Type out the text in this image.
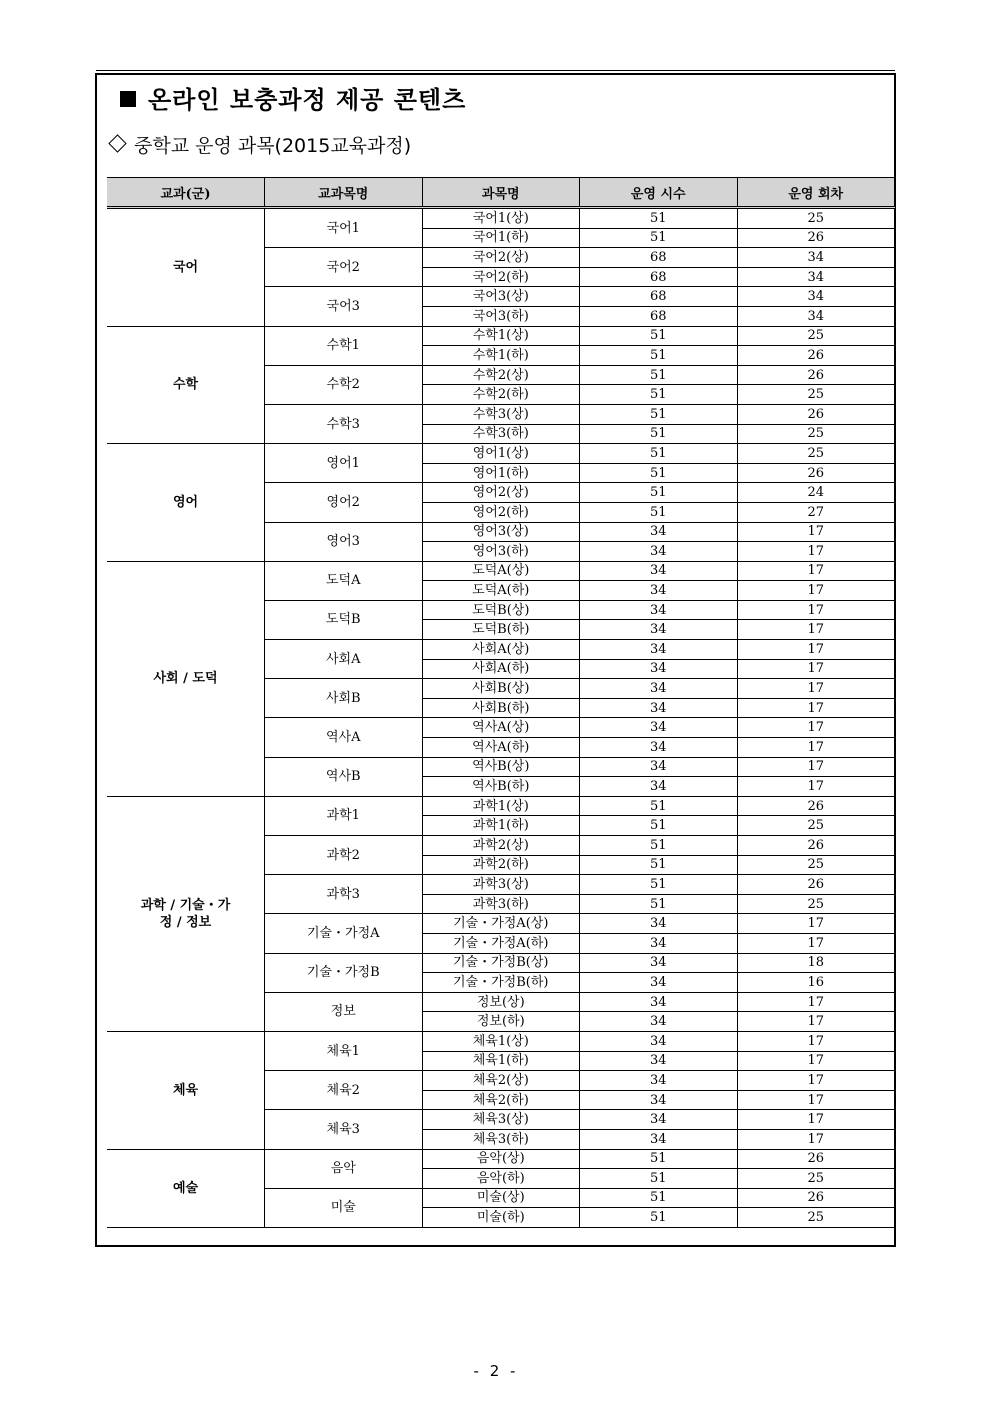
온라인 보충과정 제공 콘텐츠
중학교 운영 과목(2015교육과정)
교과(군)	교과목명	과목명	운영 시수	운영 회차
국어	국어1	국어1(상)	51	25
		국어1(하)	51	26
	국어2	국어2(상)	68	34
		국어2(하)	68	34
	국어3	국어3(상)	68	34
		국어3(하)	68	34
수학	수학1	수학1(상)	51	25
		수학1(하)	51	26
	수학2	수학2(상)	51	26
		수학2(하)	51	25
	수학3	수학3(상)	51	26
		수학3(하)	51	25
영어	영어1	영어1(상)	51	25
		영어1(하)	51	26
	영어2	영어2(상)	51	24
		영어2(하)	51	27
	영어3	영어3(상)	34	17
		영어3(하)	34	17
사회 / 도덕	도덕A	도덕A(상)	34	17
		도덕A(하)	34	17
	도덕B	도덕B(상)	34	17
		도덕B(하)	34	17
	사회A	사회A(상)	34	17
		사회A(하)	34	17
	사회B	사회B(상)	34	17
		사회B(하)	34	17
	역사A	역사A(상)	34	17
		역사A(하)	34	17
	역사B	역사B(상)	34	17
		역사B(하)	34	17
과학 / 기술・가정 / 정보	과학1	과학1(상)	51	26
		과학1(하)	51	25
	과학2	과학2(상)	51	26
		과학2(하)	51	25
	과학3	과학3(상)	51	26
		과학3(하)	51	25
	기술・가정A	기술・가정A(상)	34	17
		기술・가정A(하)	34	17
	기술・가정B	기술・가정B(상)	34	18
		기술・가정B(하)	34	16
	정보	정보(상)	34	17
		정보(하)	34	17
체육	체육1	체육1(상)	34	17
		체육1(하)	34	17
	체육2	체육2(상)	34	17
		체육2(하)	34	17
	체육3	체육3(상)	34	17
		체육3(하)	34	17
예술	음악	음악(상)	51	26
		음악(하)	51	25
	미술	미술(상)	51	26
		미술(하)	51	25
- 2 -
